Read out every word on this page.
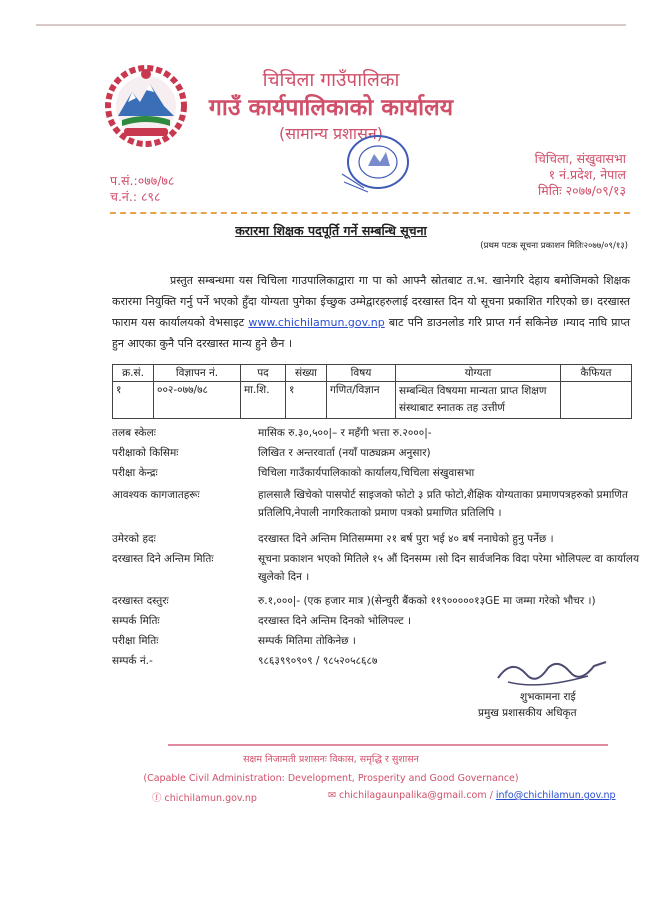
चिचिला गाउँपालिका
गाउँ कार्यपालिकाको कार्यालय
(सामान्य प्रशासन)
चिचिला, संखुवासभा
१ नं.प्रदेश, नेपाल
मितिः २०७७/०९/१३
प.सं.:०७७/७८
च.नं.: ८९८
करारमा शिक्षक पदपूर्ति गर्ने सम्बन्धि सूचना
(प्रथम पटक सूचना प्रकाशन मितिः२०७७/०९/१३)
प्रस्तुत सम्बन्धमा यस चिचिला गाउपालिकाद्वारा गा पा को आफ्नै स्रोतबाट त.भ. खानेगरि देहाय बमोजिमको शिक्षक करारमा नियुक्ति गर्नु पर्ने भएको हुँदा योग्यता पुगेका ईच्छुक उम्मेद्वारहरुलाई दरखास्त दिन यो सूचना प्रकाशित गरिएको छ। दरखास्त फाराम यस कार्यालयको वेभसाइट www.chichilamun.gov.np बाट पनि डाउनलोड गरि प्राप्त गर्न सकिनेछ ।म्याद नाघि प्राप्त हुन आएका कुनै पनि दरखास्त मान्य हुने छैन ।
क्र.सं.	विज्ञापन नं.	पद	संख्या	विषय	योग्यता	कैफियत
१	००२-०७७/७८	मा.शि.	१	गणित/विज्ञान	सम्बन्धित विषयमा मान्यता प्राप्त शिक्षण संस्थाबाट स्नातक तह उत्तीर्ण	
तलब स्केलः	मासिक रु.३०,५००|– र महँगी भत्ता रु.२०००|-
परीक्षाको किसिमः	लिखित र अन्तरवार्ता (नयाँ पाठ्यक्रम अनुसार)
परीक्षा केन्द्रः	चिचिला गाउँकार्यपालिकाको कार्यालय,चिचिला संखुवासभा
आवश्यक कागजातहरूः	हालसालै खिचेको पासपोर्ट साइजको फोटो ३ प्रति फोटो,शैक्षिक योग्यताका प्रमाणपत्रहरुको प्रमाणित प्रतिलिपि,नेपाली नागरिकताको प्रमाण पत्रको प्रमाणित प्रतिलिपि ।
उमेरको हदः	दरखास्त दिने अन्तिम मितिसम्ममा २१ बर्ष पुरा भई ४० बर्ष ननाघेको हुनु पर्नेछ ।
दरखास्त दिने अन्तिम मितिः	सूचना प्रकाशन भएको मितिले १५ औं दिनसम्म ।सो दिन सार्वजनिक विदा परेमा भोलिपल्ट वा कार्यालय खुलेको दिन ।
दरखास्त दस्तुरः	रु.१,०००|- (एक हजार मात्र )(सेन्चुरी बैंकको ११९०००००१३GE मा जम्मा गरेको भौचर ।)
सम्पर्क मितिः	दरखास्त दिने अन्तिम दिनको भोलिपल्ट ।
परीक्षा मितिः	सम्पर्क मितिमा तोकिनेछ ।
सम्पर्क नं.-	९८६३९९०९०९ / ९८५२०५८६८७
शुभकामना राई
प्रमुख प्रशासकीय अधिकृत
सक्षम निजामती प्रशासनः विकास, समृद्धि र सुशासन
(Capable Civil Administration: Development, Prosperity and Good Governance)
ⓕ chichilamun.gov.np	✉ chichilagaunpalika@gmail.com / info@chichilamun.gov.np
